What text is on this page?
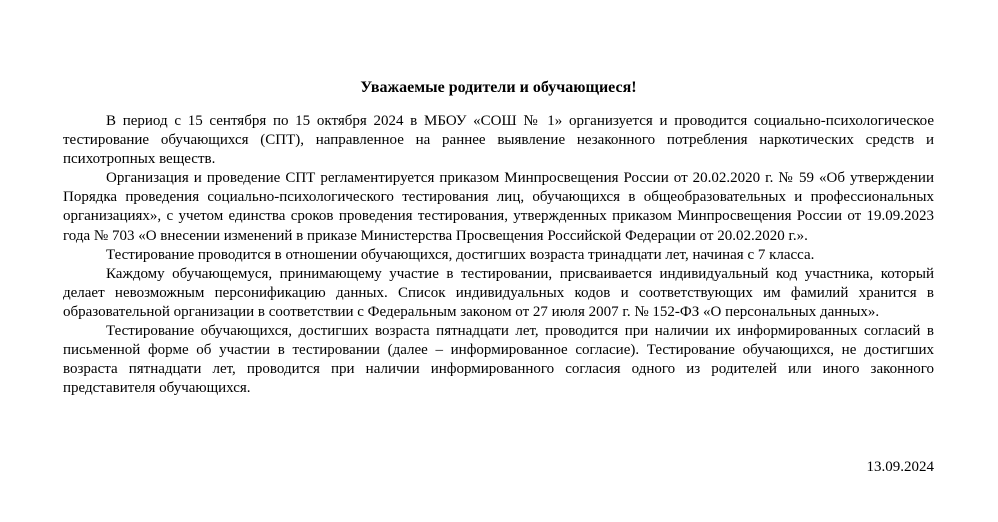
Уважаемые родители и обучающиеся!

В период с 15 сентября по 15 октября 2024 в МБОУ «СОШ № 1» организуется и проводится социально-психологическое тестирование обучающихся (СПТ), направленное на раннее выявление незаконного потребления наркотических средств и психотропных веществ.

Организация и проведение СПТ регламентируется приказом Минпросвещения России от 20.02.2020 г. № 59 «Об утверждении Порядка проведения социально-психологического тестирования лиц, обучающихся в общеобразовательных и профессиональных организациях», с учетом единства сроков проведения тестирования, утвержденных приказом Минпросвещения России от 19.09.2023 года № 703 «О внесении изменений в приказе Министерства Просвещения Российской Федерации от 20.02.2020 г.».

Тестирование проводится в отношении обучающихся, достигших возраста тринадцати лет, начиная с 7 класса.

Каждому обучающемуся, принимающему участие в тестировании, присваивается индивидуальный код участника, который делает невозможным персонификацию данных. Список индивидуальных кодов и соответствующих им фамилий хранится в образовательной организации в соответствии с Федеральным законом от 27 июля 2007 г. № 152-ФЗ «О персональных данных».

Тестирование обучающихся, достигших возраста пятнадцати лет, проводится при наличии их информированных согласий в письменной форме об участии в тестировании (далее – информированное согласие). Тестирование обучающихся, не достигших возраста пятнадцати лет, проводится при наличии информированного согласия одного из родителей или иного законного представителя обучающихся.

13.09.2024
